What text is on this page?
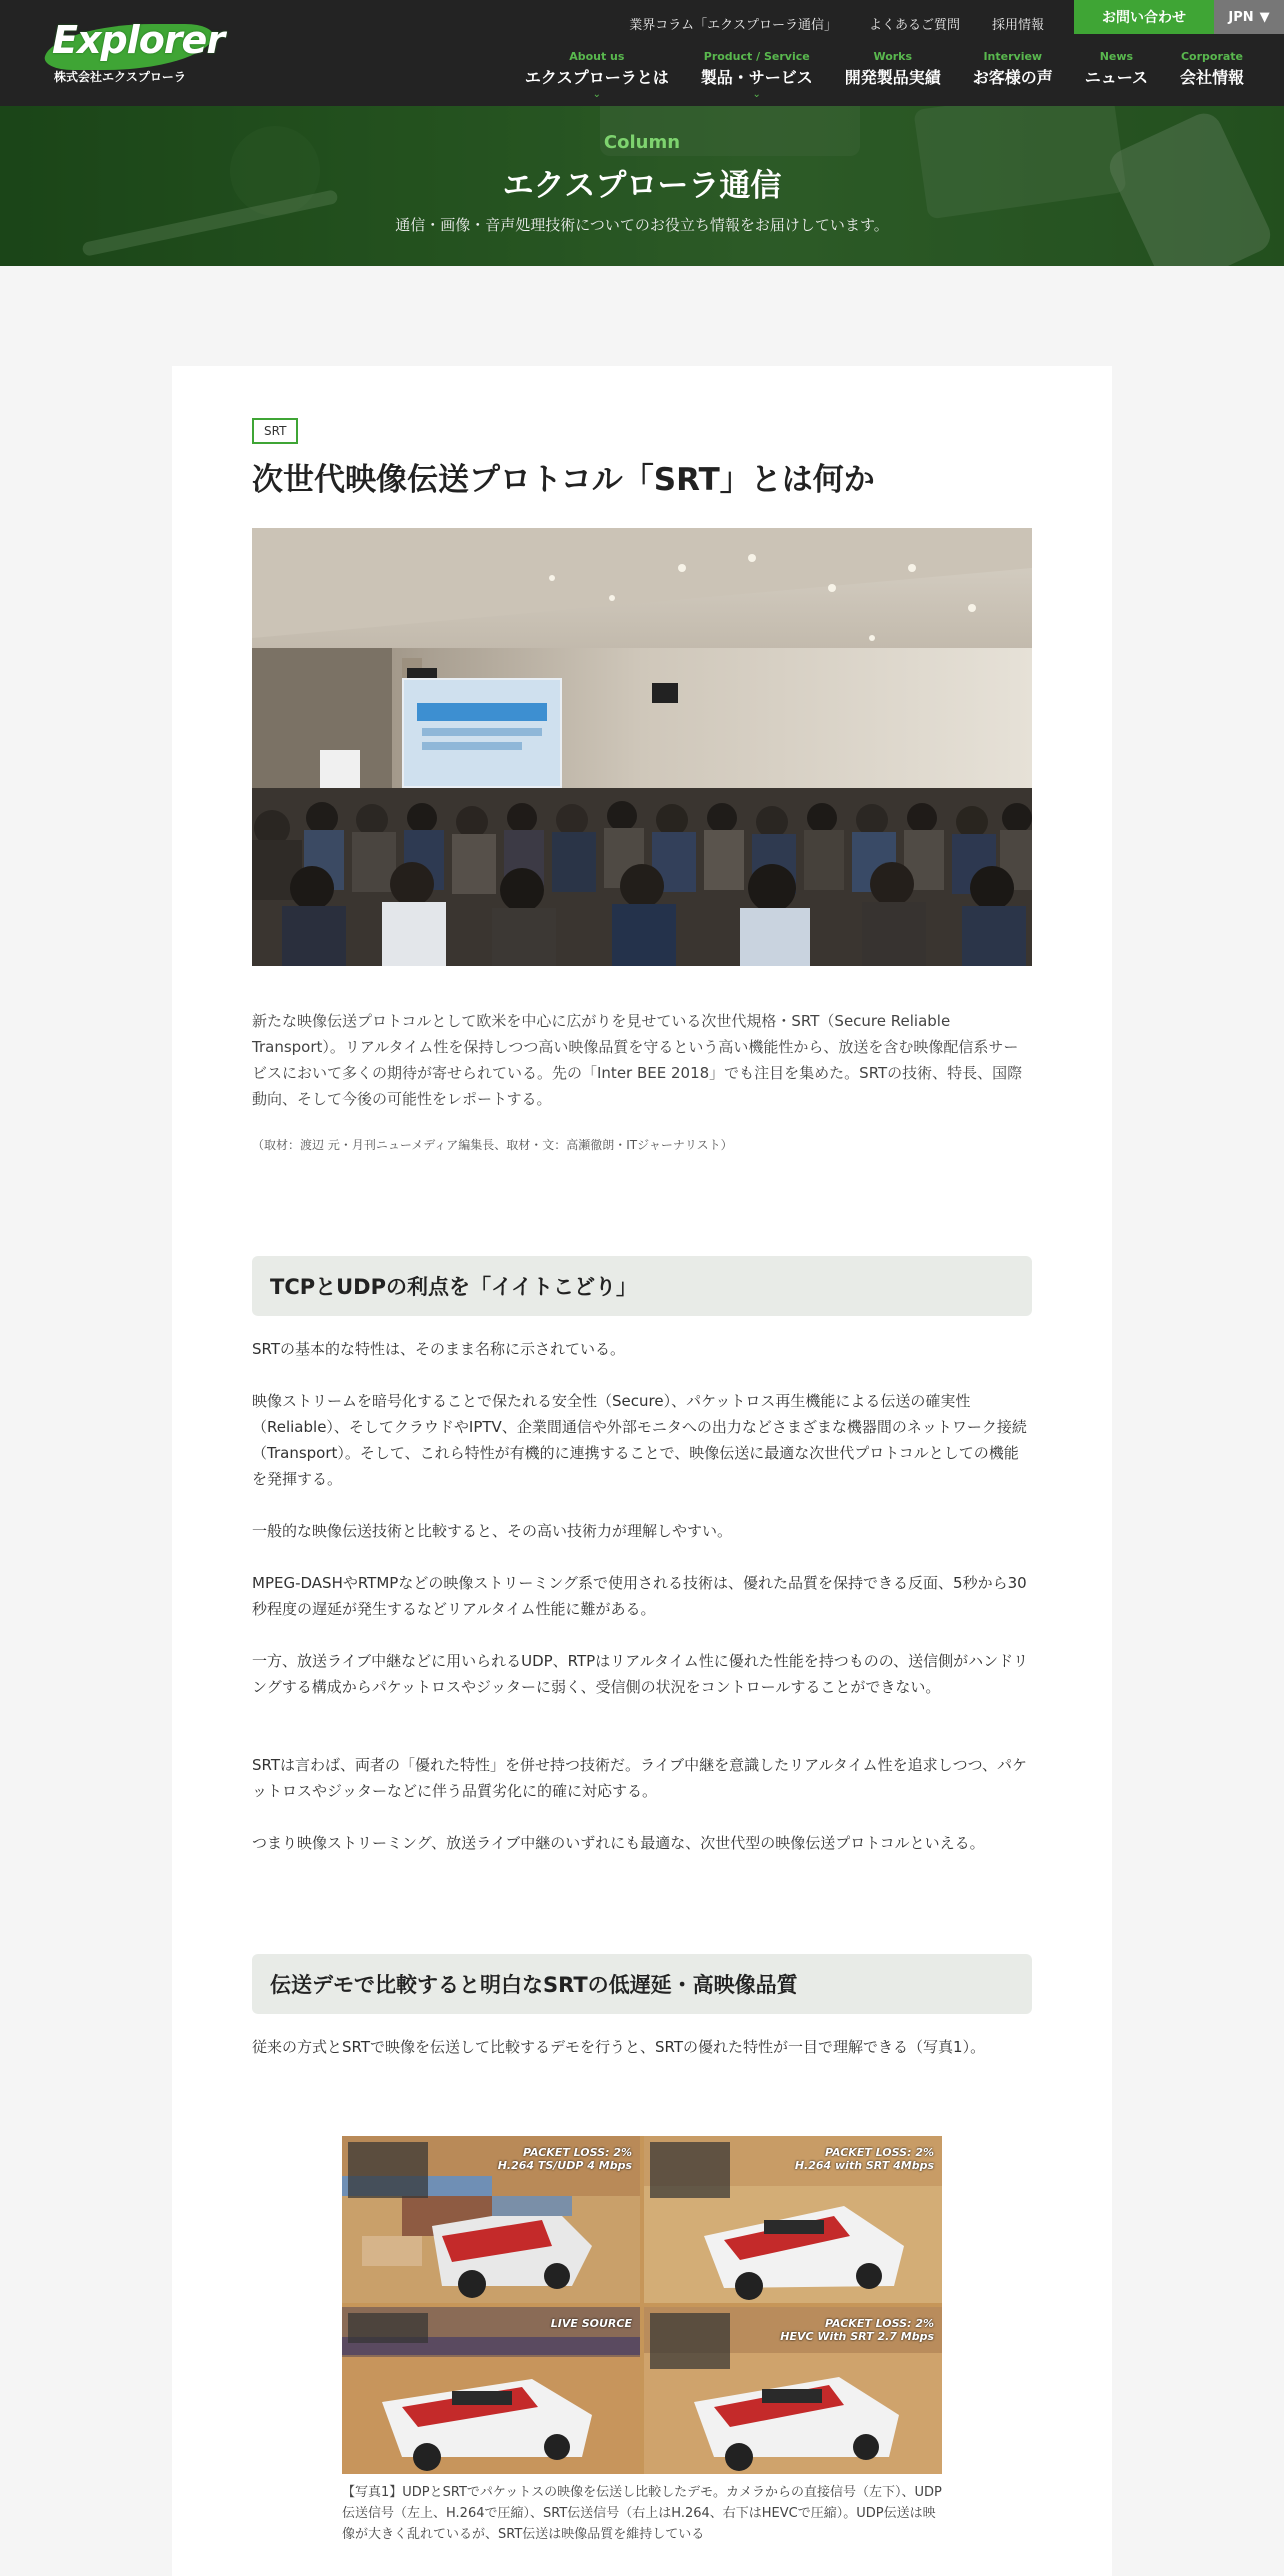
Explorer
株式会社エクスプローラ
業界コラム「エクスプローラ通信」 よくあるご質問 採用情報	お問い合わせ	JPN ▼
About us
エクスプローラとは
⌄
Product / Service
製品・サービス
⌄
Works
開発製品実績
Interview
お客様の声
News
ニュース
Corporate
会社情報
Column
エクスプローラ通信

通信・画像・音声処理技術についてのお役立ち情報をお届けしています。

SRT
次世代映像伝送プロトコル「SRT」とは何か

新たな映像伝送プロトコルとして欧米を中心に広がりを見せている次世代規格・SRT（Secure Reliable Transport）。リアルタイム性を保持しつつ高い映像品質を守るという高い機能性から、放送を含む映像配信系サービスにおいて多くの期待が寄せられている。先の「Inter BEE 2018」でも注目を集めた。SRTの技術、特長、国際動向、そして今後の可能性をレポートする。

（取材：渡辺 元・月刊ニューメディア編集長、取材・文：高瀬徹朗・ITジャーナリスト）

TCPとUDPの利点を「イイトこどり」

SRTの基本的な特性は、そのまま名称に示されている。

映像ストリームを暗号化することで保たれる安全性（Secure）、パケットロス再生機能による伝送の確実性（Reliable）、そしてクラウドやIPTV、企業間通信や外部モニタへの出力などさまざまな機器間のネットワーク接続（Transport）。そして、これら特性が有機的に連携することで、映像伝送に最適な次世代プロトコルとしての機能を発揮する。

一般的な映像伝送技術と比較すると、その高い技術力が理解しやすい。

MPEG-DASHやRTMPなどの映像ストリーミング系で使用される技術は、優れた品質を保持できる反面、5秒から30秒程度の遅延が発生するなどリアルタイム性能に難がある。

一方、放送ライブ中継などに用いられるUDP、RTPはリアルタイム性に優れた性能を持つものの、送信側がハンドリングする構成からパケットロスやジッターに弱く、受信側の状況をコントロールすることができない。

SRTは言わば、両者の「優れた特性」を併せ持つ技術だ。ライブ中継を意識したリアルタイム性を追求しつつ、パケットロスやジッターなどに伴う品質劣化に的確に対応する。

つまり映像ストリーミング、放送ライブ中継のいずれにも最適な、次世代型の映像伝送プロトコルといえる。

伝送デモで比較すると明白なSRTの低遅延・高映像品質

従来の方式とSRTで映像を伝送して比較するデモを行うと、SRTの優れた特性が一目で理解できる（写真1）。

PACKET LOSS: 2%
H.264 TS/UDP 4 Mbps
PACKET LOSS: 2%
H.264 with SRT 4Mbps
LIVE SOURCE	PACKET LOSS: 2%
HEVC With SRT 2.7 Mbps

【写真1】UDPとSRTでパケットスの映像を伝送し比較したデモ。カメラからの直接信号（左下）、UDP伝送信号（左上、H.264で圧縮）、SRT伝送信号（右上はH.264、右下はHEVCで圧縮）。UDP伝送は映像が大きく乱れているが、SRT伝送は映像品質を維持している
